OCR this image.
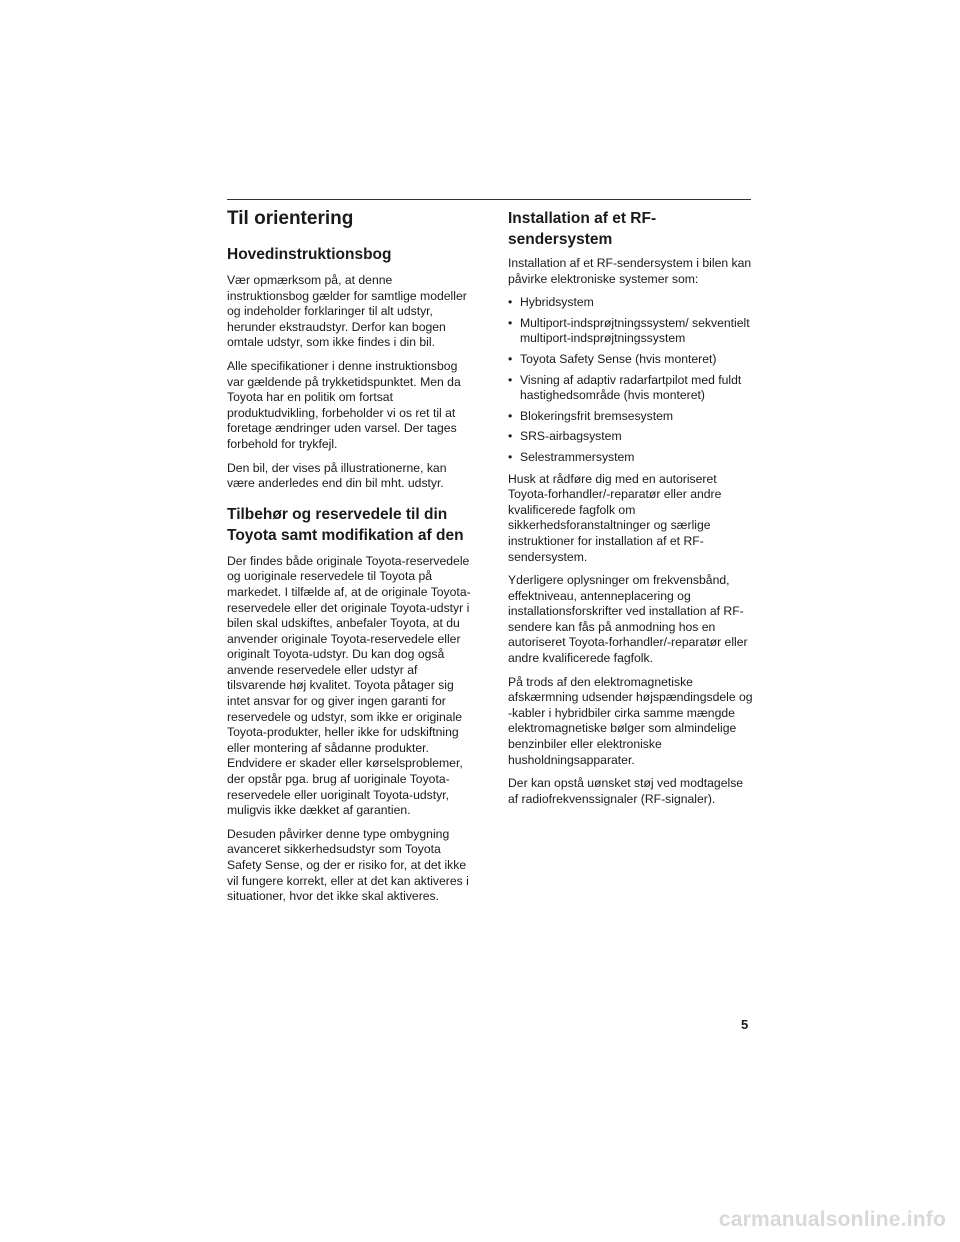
Til orientering
Hovedinstruktionsbog

Vær opmærksom på, at denne instruktionsbog gælder for samtlige modeller og indeholder forklaringer til alt udstyr, herunder ekstraudstyr. Derfor kan bogen omtale udstyr, som ikke findes i din bil.

Alle specifikationer i denne instruktionsbog var gældende på trykketidspunktet. Men da Toyota har en politik om fortsat produktudvikling, forbeholder vi os ret til at foretage ændringer uden varsel. Der tages forbehold for trykfejl.

Den bil, der vises på illustrationerne, kan være anderledes end din bil mht. udstyr.

Tilbehør og reservedele til din Toyota samt modifikation af den

Der findes både originale Toyota-reservedele og uoriginale reservedele til Toyota på markedet. I tilfælde af, at de originale Toyota-reservedele eller det originale Toyota-udstyr i bilen skal udskiftes, anbefaler Toyota, at du anvender originale Toyota-reservedele eller originalt Toyota-udstyr. Du kan dog også anvende reservedele eller udstyr af tilsvarende høj kvalitet. Toyota påtager sig intet ansvar for og giver ingen garanti for reservedele og udstyr, som ikke er originale Toyota-produkter, heller ikke for udskiftning eller montering af sådanne produkter. Endvidere er skader eller kørselsproblemer, der opstår pga. brug af uoriginale Toyota-reservedele eller uoriginalt Toyota-udstyr, muligvis ikke dækket af garantien.

Desuden påvirker denne type ombygning avanceret sikkerhedsudstyr som Toyota Safety Sense, og der er risiko for, at det ikke vil fungere korrekt, eller at det kan aktiveres i situationer, hvor det ikke skal aktiveres.

Installation af et RF-sendersystem

Installation af et RF-sendersystem i bilen kan påvirke elektroniske systemer som:

• Hybridsystem
• Multiport-indsprøjtningssystem/ sekventielt multiport-indsprøjtningssystem
• Toyota Safety Sense (hvis monteret)
• Visning af adaptiv radarfartpilot med fuldt hastighedsområde (hvis monteret)
• Blokeringsfrit bremsesystem
• SRS-airbagsystem
• Selestrammersystem

Husk at rådføre dig med en autoriseret Toyota-forhandler/-reparatør eller andre kvalificerede fagfolk om sikkerhedsforanstaltninger og særlige instruktioner for installation af et RF-sendersystem.

Yderligere oplysninger om frekvensbånd, effektniveau, antenneplacering og installationsforskrifter ved installation af RF-sendere kan fås på anmodning hos en autoriseret Toyota-forhandler/-reparatør eller andre kvalificerede fagfolk.

På trods af den elektromagnetiske afskærmning udsender højspændingsdele og -kabler i hybridbiler cirka samme mængde elektromagnetiske bølger som almindelige benzinbiler eller elektroniske husholdningsapparater.

Der kan opstå uønsket støj ved modtagelse af radiofrekvenssignaler (RF-signaler).

5
carmanualsonline.info
